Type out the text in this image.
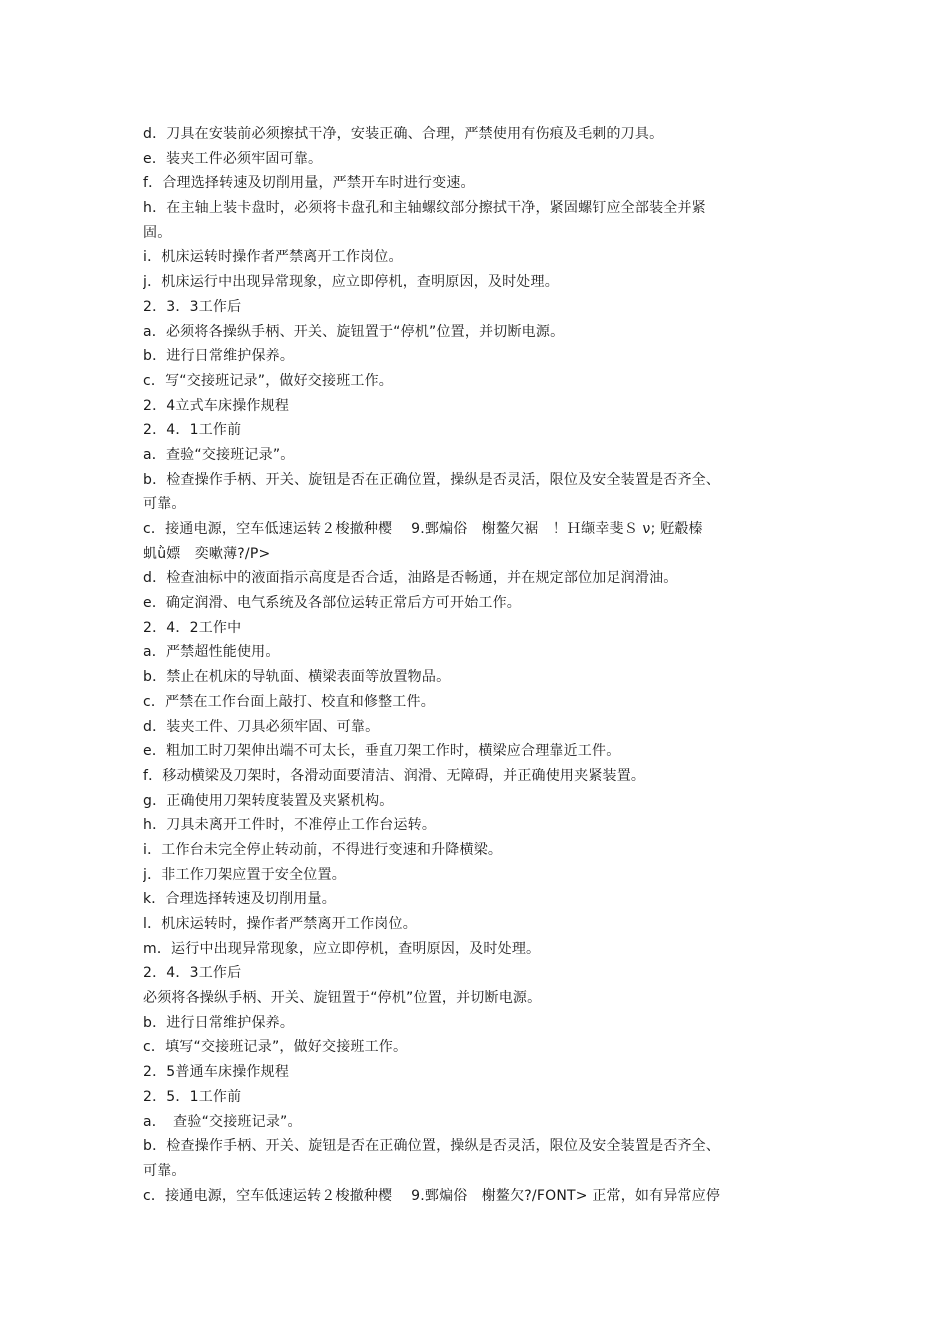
d．刀具在安装前必须擦拭干净，安装正确、合理，严禁使用有伤痕及毛刺的刀具。
e．装夹工件必须牢固可靠。
f．合理选择转速及切削用量，严禁开车时进行变速。
h．在主轴上装卡盘时，必须将卡盘孔和主轴螺纹部分擦拭干净，紧固螺钉应全部装全并紧
固。
i．机床运转时操作者严禁离开工作岗位。
j．机床运行中出现异常现象，应立即停机，查明原因，及时处理。
2．3．3工作后
a．必须将各操纵手柄、开关、旋钮置于“停机”位置，并切断电源。
b．进行日常维护保养。
c．写“交接班记录”，做好交接班工作。
2．4立式车床操作规程
2．4．1工作前
a．查验“交接班记录”。
b．检查操作手柄、开关、旋钮是否在正确位置，操纵是否灵活，限位及安全装置是否齐全、
可靠。
c．接通电源，空车低速运转２梭撤种樱　 9.鄄煸俗　榭鳌欠裾　！Ｈ缬幸斐Ｓ ν; 觃觳榛
虮ǜ嫖　奕嗽薄?/P>
d．检查油标中的液面指示高度是否合适，油路是否畅通，并在规定部位加足润滑油。
e．确定润滑、电气系统及各部位运转正常后方可开始工作。
2．4．2工作中
a．严禁超性能使用。
b．禁止在机床的导轨面、横梁表面等放置物品。
c．严禁在工作台面上敲打、校直和修整工件。
d．装夹工件、刀具必须牢固、可靠。
e．粗加工时刀架伸出端不可太长，垂直刀架工作时，横梁应合理靠近工件。
f．移动横梁及刀架时，各滑动面要清洁、润滑、无障碍，并正确使用夹紧装置。
g．正确使用刀架转度装置及夹紧机构。
h．刀具未离开工件时，不准停止工作台运转。
i．工作台未完全停止转动前，不得进行变速和升降横梁。
j．非工作刀架应置于安全位置。
k．合理选择转速及切削用量。
l．机床运转时，操作者严禁离开工作岗位。
m．运行中出现异常现象，应立即停机，查明原因，及时处理。
2．4．3工作后
必须将各操纵手柄、开关、旋钮置于“停机”位置，并切断电源。
b．进行日常维护保养。
c．填写“交接班记录”，做好交接班工作。
2．5普通车床操作规程
2．5．1工作前
a．　查验“交接班记录”。
b．检查操作手柄、开关、旋钮是否在正确位置，操纵是否灵活，限位及安全装置是否齐全、
可靠。
c．接通电源，空车低速运转２梭撤种樱　 9.鄄煸俗　榭鳌欠?/FONT> 正常，如有异常应停
